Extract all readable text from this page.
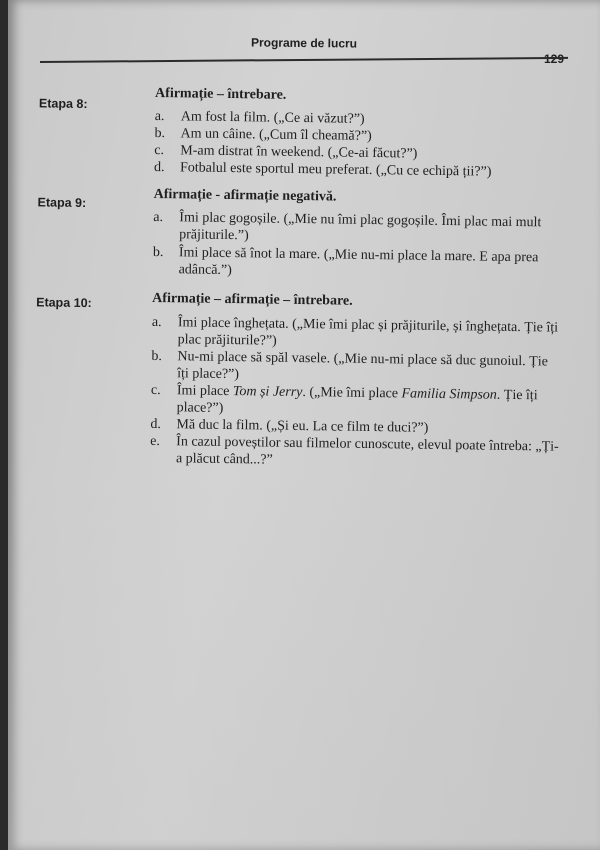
Programe de lucru
129
Etapa 8:
Afirmație – întrebare.
a.	Am fost la film. („Ce ai văzut?”)
b.	Am un câine. („Cum îl cheamă?”)
c.	M-am distrat în weekend. („Ce-ai făcut?”)
d.	Fotbalul este sportul meu preferat. („Cu ce echipă ții?”)
Etapa 9:	Afirmație - afirmație negativă.
a.	Îmi plac gogoșile. („Mie nu îmi plac gogoșile. Îmi plac mai mult prăjiturile.”)
b.	Îmi place să înot la mare. („Mie nu-mi place la mare. E apa prea adâncă.”)
Etapa 10:	Afirmație – afirmație – întrebare.
a.	Îmi place înghețata. („Mie îmi plac și prăjiturile, și înghețata. Ție îți plac prăjiturile?”)
b.	Nu-mi place să spăl vasele. („Mie nu-mi place să duc gunoiul. Ție îți place?”)
c.	Îmi place Tom și Jerry. („Mie îmi place Familia Simpson. Ție îți place?”)
d.	Mă duc la film. („Și eu. La ce film te duci?”)
e.	În cazul poveștilor sau filmelor cunoscute, elevul poate întreba: „Ți-a plăcut când...?”
